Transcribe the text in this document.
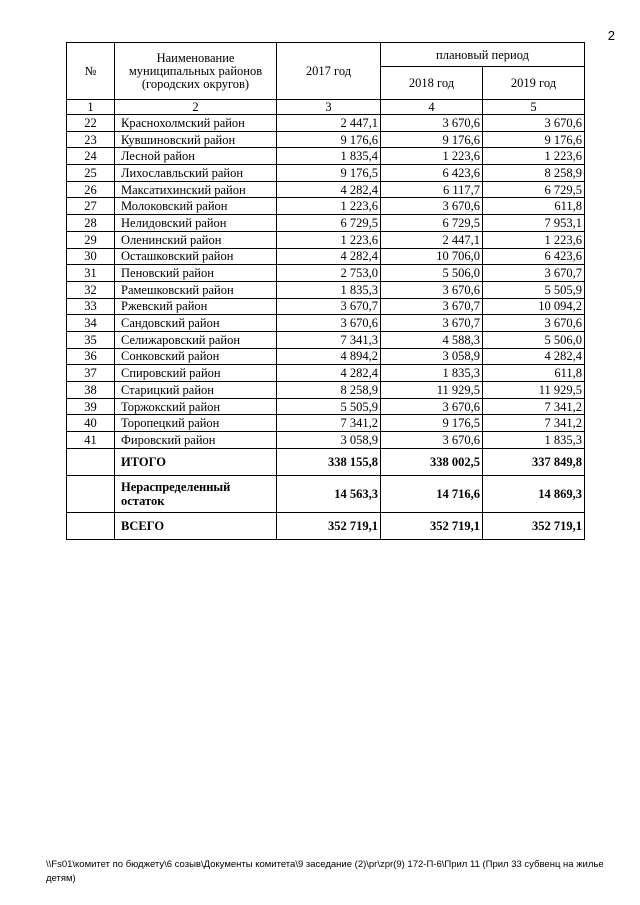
2
№	Наименование муниципальных районов (городских округов)	2017 год	плановый период	
			2018 год	2019 год
1	2	3	4	5
22	Краснохолмский район	2 447,1	3 670,6	3 670,6
23	Кувшиновский район	9 176,6	9 176,6	9 176,6
24	Лесной район	1 835,4	1 223,6	1 223,6
25	Лихославльский район	9 176,5	6 423,6	8 258,9
26	Максатихинский район	4 282,4	6 117,7	6 729,5
27	Молоковский район	1 223,6	3 670,6	611,8
28	Нелидовский район	6 729,5	6 729,5	7 953,1
29	Оленинский район	1 223,6	2 447,1	1 223,6
30	Осташковский район	4 282,4	10 706,0	6 423,6
31	Пеновский район	2 753,0	5 506,0	3 670,7
32	Рамешковский район	1 835,3	3 670,6	5 505,9
33	Ржевский район	3 670,7	3 670,7	10 094,2
34	Сандовский район	3 670,6	3 670,7	3 670,6
35	Селижаровский район	7 341,3	4 588,3	5 506,0
36	Сонковский район	4 894,2	3 058,9	4 282,4
37	Спировский район	4 282,4	1 835,3	611,8
38	Старицкий район	8 258,9	11 929,5	11 929,5
39	Торжокский район	5 505,9	3 670,6	7 341,2
40	Торопецкий район	7 341,2	9 176,5	7 341,2
41	Фировский район	3 058,9	3 670,6	1 835,3
	ИТОГО	338 155,8	338 002,5	337 849,8
	Нераспределенный остаток	14 563,3	14 716,6	14 869,3
	ВСЕГО	352 719,1	352 719,1	352 719,1
\\Fs01\комитет по бюджету\6 созыв\Документы комитета\9 заседание (2)\pr\zpr(9) 172-П-6\Прил 11 (Прил 33 субвенц на жилье детям)
